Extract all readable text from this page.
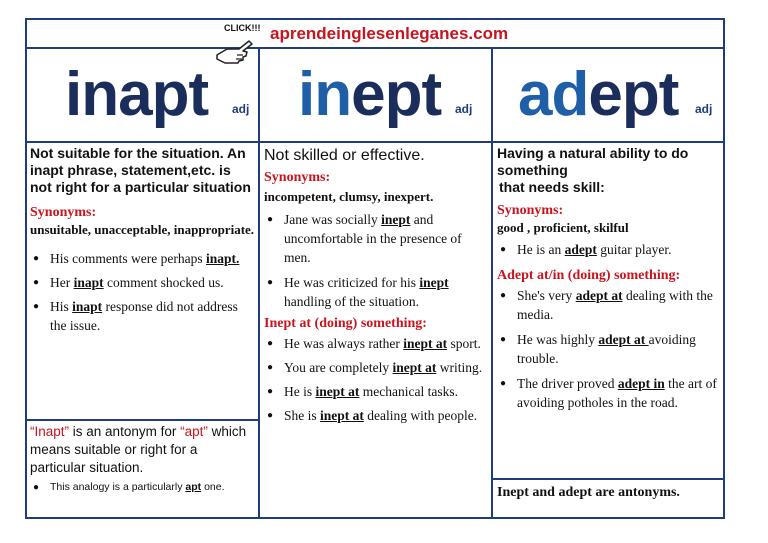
CLICK!!! aprendeinglesenleganes.com
inapt adj inept adj adept adj

Not suitable for the situation. An inapt phrase, statement,etc. is not right for a particular situation

Synonyms:

unsuitable, unacceptable, inappropriate.

● His comments were perhaps inapt.
● Her inapt comment shocked us.
● His inapt response did not address the issue.

“Inapt” is an antonym for “apt” which means suitable or right for a particular situation.

● This analogy is a particularly apt one.

Not skilled or effective.

Synonyms:

incompetent, clumsy, inexpert.

● Jane was socially inept and uncomfortable in the presence of men.
● He was criticized for his inept handling of the situation.

Inept at (doing) something:

● He was always rather inept at sport.
● You are completely inept at writing.
● He is inept at mechanical tasks.
● She is inept at dealing with people.

Having a natural ability to do something
that needs skill:

Synonyms:

good , proficient, skilful

● He is an adept guitar player.

Adept at/in (doing) something:

● She's very adept at dealing with the media.
● He was highly adept at avoiding trouble.
● The driver proved adept in the art of avoiding potholes in the road.

Inept and adept are antonyms.
